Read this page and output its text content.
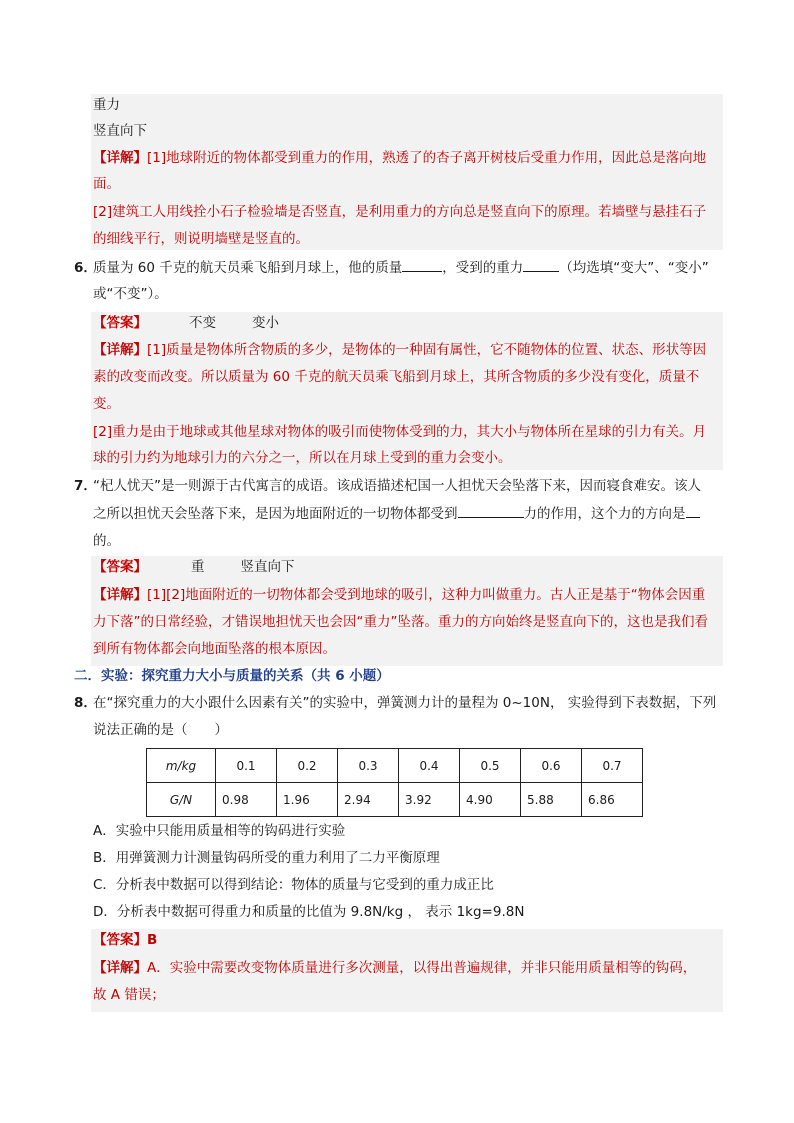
重力
竖直向下
【详解】[1]地球附近的物体都受到重力的作用，熟透了的杏子离开树枝后受重力作用，因此总是落向地
面。
[2]建筑工人用线拴小石子检验墙是否竖直，是利用重力的方向总是竖直向下的原理。若墙壁与悬挂石子
的细线平行，则说明墙壁是竖直的。
6．
质量为 60 千克的航天员乘飞船到月球上，他的质量	，受到的重力	（均选填“变大”、“变小”
或“不变”）。
【答案】	不变	变小
【详解】[1]质量是物体所含物质的多少，是物体的一种固有属性，它不随物体的位置、状态、形状等因
素的改变而改变。所以质量为 60 千克的航天员乘飞船到月球上，其所含物质的多少没有变化，质量不
变。
[2]重力是由于地球或其他星球对物体的吸引而使物体受到的力，其大小与物体所在星球的引力有关。月
球的引力约为地球引力的六分之一，所以在月球上受到的重力会变小。
7．
“杞人忧天”是一则源于古代寓言的成语。该成语描述杞国一人担忧天会坠落下来，因而寝食难安。该人
之所以担忧天会坠落下来，是因为地面附近的一切物体都受到	力的作用，这个力的方向是
的。
【答案】	重	竖直向下
【详解】[1][2]地面附近的一切物体都会受到地球的吸引，这种力叫做重力。古人正是基于“物体会因重
力下落”的日常经验，才错误地担忧天也会因“重力”坠落。重力的方向始终是竖直向下的，这也是我们看
到所有物体都会向地面坠落的根本原因。
二．实验：探究重力大小与质量的关系（共 6 小题）
8．
在“探究重力的大小跟什么因素有关”的实验中，弹簧测力计的量程为 0~10N， 实验得到下表数据，下列
说法正确的是（　　）
m/kg	0.1	0.2	0.3	0.4	0.5	0.6	0.7
G/N	0.98	1.96	2.94	3.92	4.90	5.88	6.86
A．实验中只能用质量相等的钩码进行实验
B．用弹簧测力计测量钩码所受的重力利用了二力平衡原理
C．分析表中数据可以得到结论：物体的质量与它受到的重力成正比
D．分析表中数据可得重力和质量的比值为 9.8N/kg ， 表示 1kg=9.8N
【答案】B
【详解】A．实验中需要改变物体质量进行多次测量，以得出普遍规律，并非只能用质量相等的钩码，
故 A 错误；
